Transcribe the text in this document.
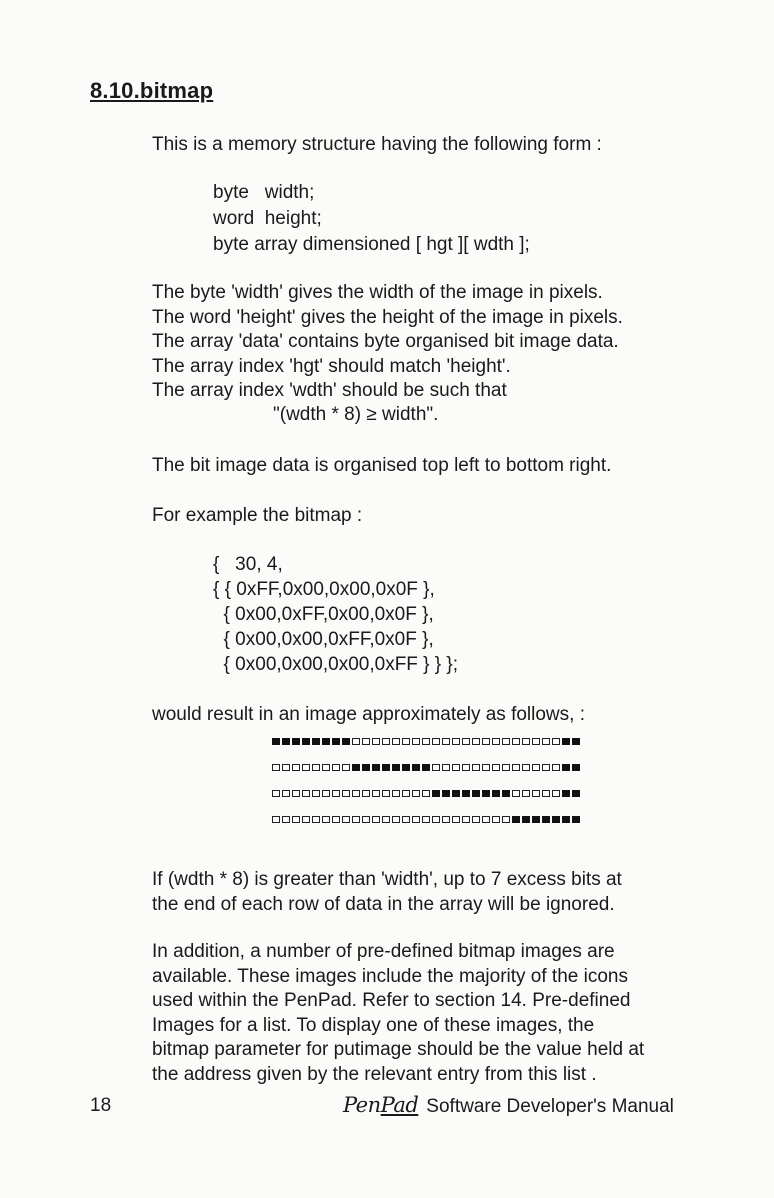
8.10.bitmap
This is a memory structure having the following form :
byte   width;
word  height;
byte array dimensioned [ hgt ][ wdth ];
The byte 'width' gives the width of the image in pixels.
The word 'height' gives the height of the image in pixels.
The array 'data' contains byte organised bit image data.
The array index 'hgt' should match 'height'.
The array index 'wdth' should be such that
"(wdth * 8) ≥ width".
The bit image data is organised top left to bottom right.
For example the bitmap :
{   30, 4,
{ { 0xFF,0x00,0x00,0x0F },
{ 0x00,0xFF,0x00,0x0F },
{ 0x00,0x00,0xFF,0x0F },
{ 0x00,0x00,0x00,0xFF } } };
would result in an image approximately as follows, :
If (wdth * 8) is greater than 'width', up to 7 excess bits at
the end of each row of data in the array will be ignored.
In addition, a number of pre-defined bitmap images are
available. These images include the majority of the icons
used within the PenPad. Refer to section 14. Pre-defined
Images for a list. To display one of these images, the
bitmap parameter for putimage should be the value held at
the address given by the relevant entry from this list .
18	PenPad Software Developer's Manual
